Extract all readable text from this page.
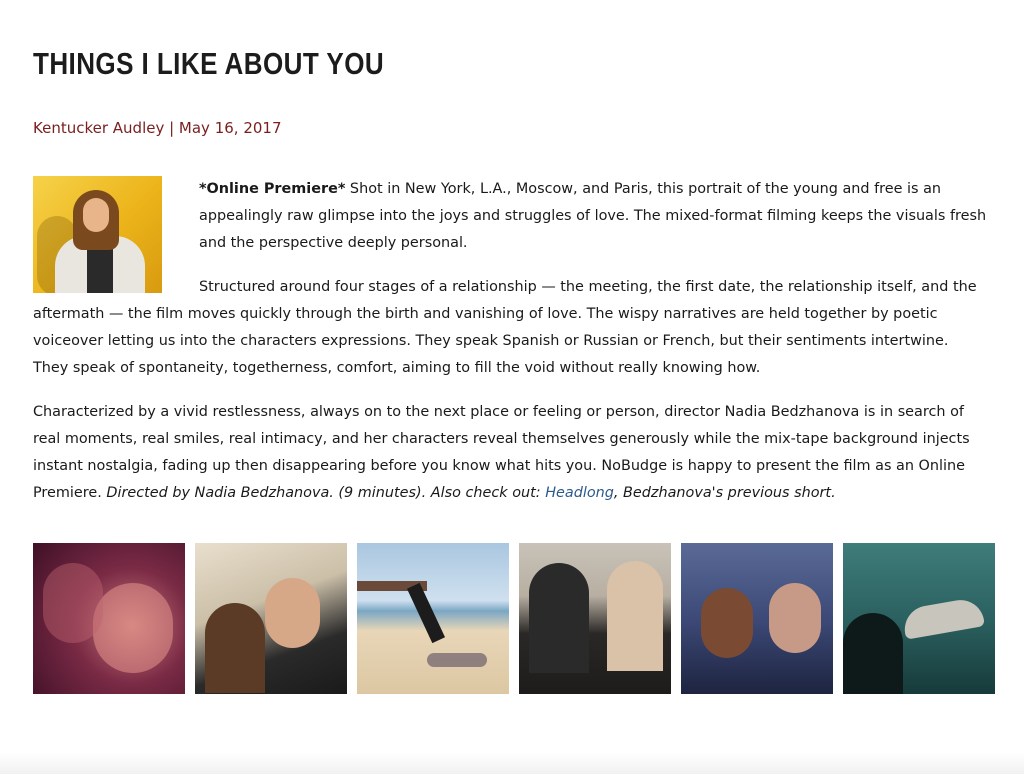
THINGS I LIKE ABOUT YOU
Kentucker Audley | May 16, 2017

*Online Premiere* Shot in New York, L.A., Moscow, and Paris, this portrait of the young and free is an appealingly raw glimpse into the joys and struggles of love. The mixed-format filming keeps the visuals fresh and the perspective deeply personal.

Structured around four stages of a relationship — the meeting, the first date, the relationship itself, and the aftermath — the film moves quickly through the birth and vanishing of love. The wispy narratives are held together by poetic voiceover letting us into the characters expressions. They speak Spanish or Russian or French, but their sentiments intertwine. They speak of spontaneity, togetherness, comfort, aiming to fill the void without really knowing how.

Characterized by a vivid restlessness, always on to the next place or feeling or person, director Nadia Bedzhanova is in search of real moments, real smiles, real intimacy, and her characters reveal themselves generously while the mix-tape background injects instant nostalgia, fading up then disappearing before you know what hits you. NoBudge is happy to present the film as an Online Premiere. Directed by Nadia Bedzhanova. (9 minutes). Also check out: Headlong, Bedzhanova's previous short.
